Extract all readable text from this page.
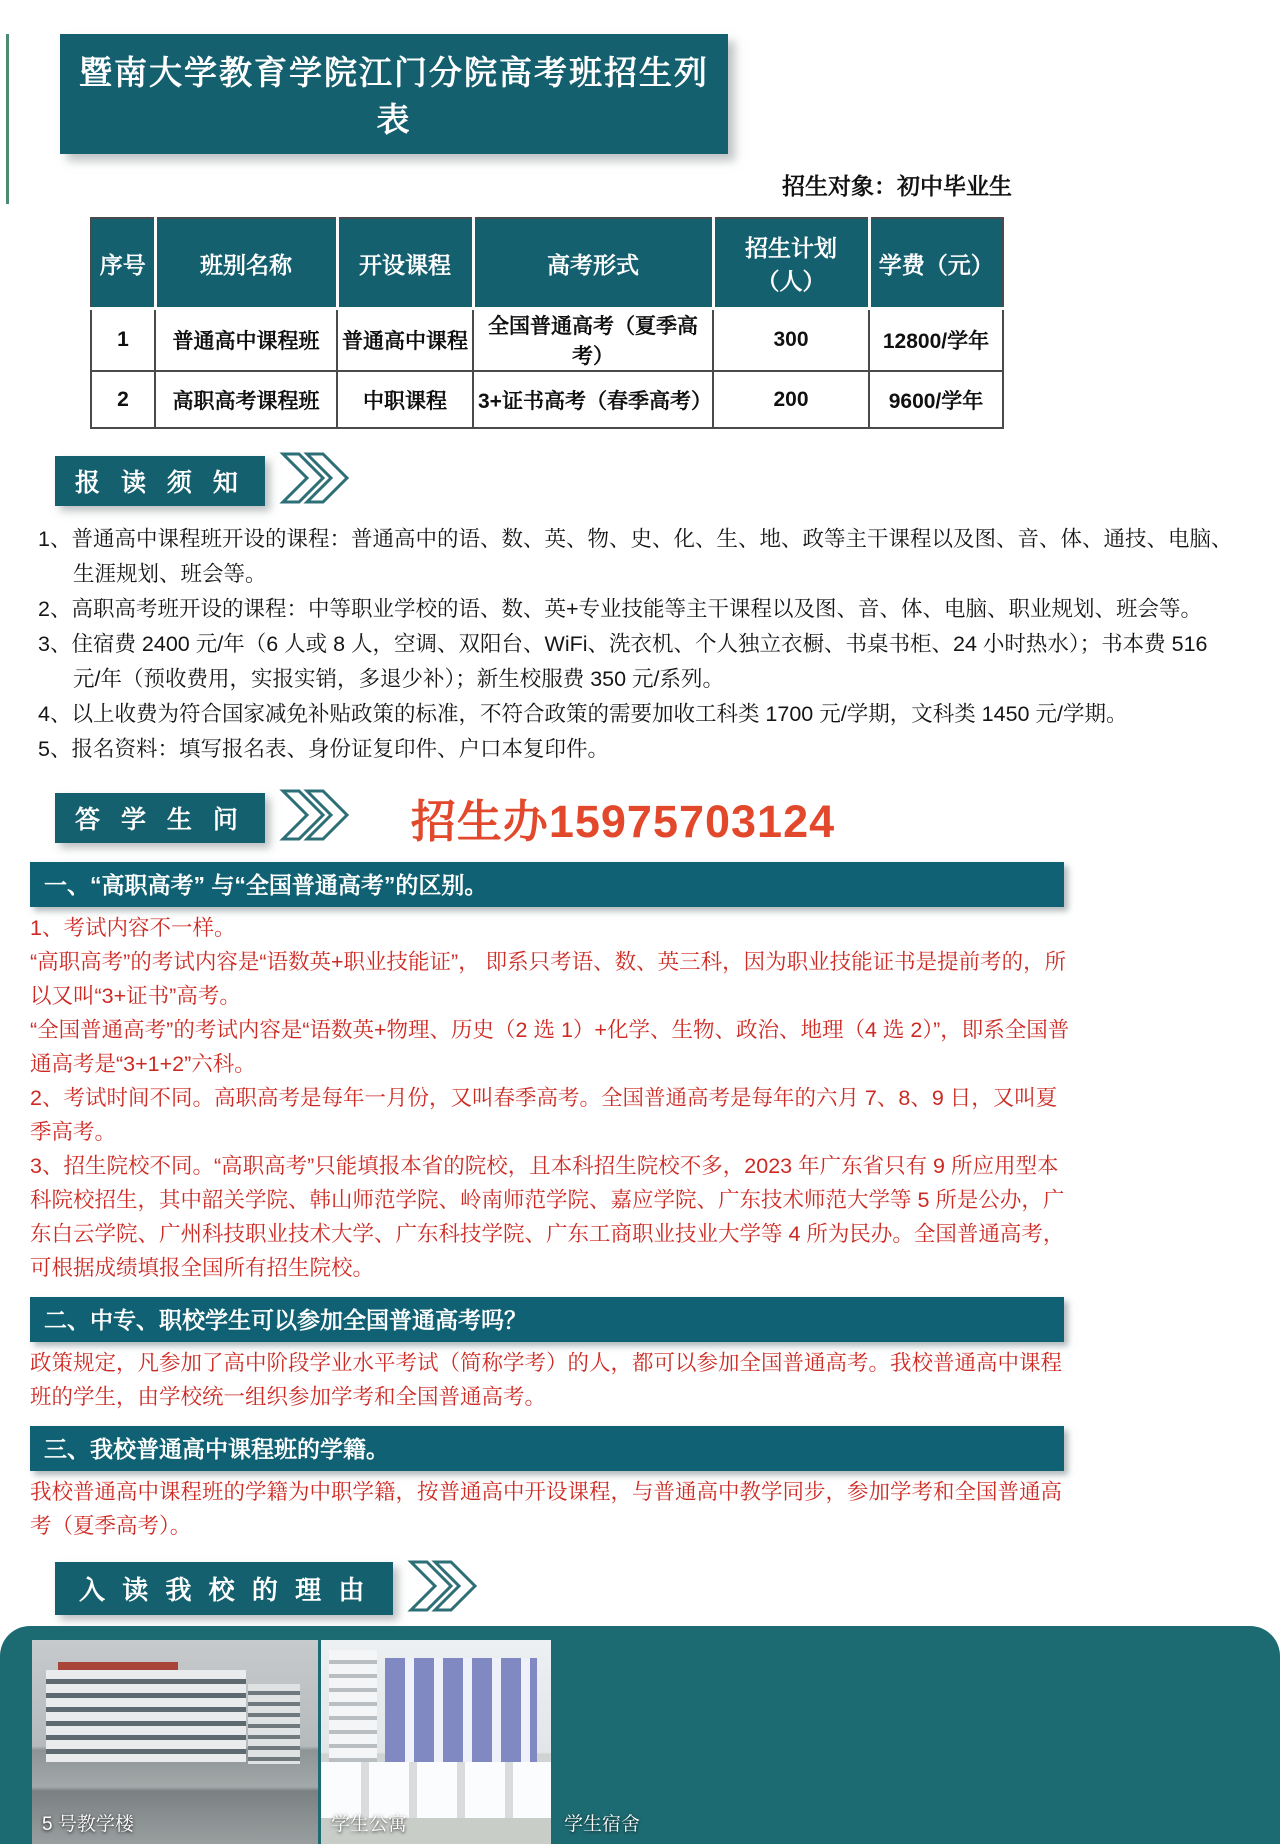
暨南大学教育学院江门分院高考班招生列表
招生对象：初中毕业生
序号	班别名称	开设课程	高考形式	招生计划（人）	学费（元）
1	普通高中课程班	普通高中课程	全国普通高考（夏季高考）	300	12800/学年
2	高职高考课程班	中职课程	3+证书高考（春季高考）	200	9600/学年
报 读 须 知

1、普通高中课程班开设的课程：普通高中的语、数、英、物、史、化、生、地、政等主干课程以及图、音、体、通技、电脑、生涯规划、班会等。

2、高职高考班开设的课程：中等职业学校的语、数、英+专业技能等主干课程以及图、音、体、电脑、职业规划、班会等。

3、住宿费 2400 元/年（6 人或 8 人，空调、双阳台、WiFi、洗衣机、个人独立衣橱、书桌书柜、24 小时热水）；书本费 516 元/年（预收费用，实报实销，多退少补）；新生校服费 350 元/系列。

4、以上收费为符合国家减免补贴政策的标准，不符合政策的需要加收工科类 1700 元/学期，文科类 1450 元/学期。

5、报名资料：填写报名表、身份证复印件、户口本复印件。

答 学 生 问	招生办15975703124
一、“高职高考” 与“全国普通高考”的区别。

1、考试内容不一样。

“高职高考”的考试内容是“语数英+职业技能证”， 即系只考语、数、英三科，因为职业技能证书是提前考的，所以又叫“3+证书”高考。

“全国普通高考”的考试内容是“语数英+物理、历史（2 选 1）+化学、生物、政治、地理（4 选 2）”，即系全国普通高考是“3+1+2”六科。

2、考试时间不同。高职高考是每年一月份，又叫春季高考。全国普通高考是每年的六月 7、8、9 日，又叫夏季高考。

3、招生院校不同。“高职高考”只能填报本省的院校，且本科招生院校不多，2023 年广东省只有 9 所应用型本科院校招生，其中韶关学院、韩山师范学院、岭南师范学院、嘉应学院、广东技术师范大学等 5 所是公办，广东白云学院、广州科技职业技术大学、广东科技学院、广东工商职业技业大学等 4 所为民办。全国普通高考，可根据成绩填报全国所有招生院校。

二、中专、职校学生可以参加全国普通高考吗？

政策规定，凡参加了高中阶段学业水平考试（简称学考）的人，都可以参加全国普通高考。我校普通高中课程班的学生，由学校统一组织参加学考和全国普通高考。

三、我校普通高中课程班的学籍。

我校普通高中课程班的学籍为中职学籍，按普通高中开设课程，与普通高中教学同步，参加学考和全国普通高考（夏季高考）。

入 读 我 校 的 理 由

5 号教学楼	学生公寓	学生宿舍
